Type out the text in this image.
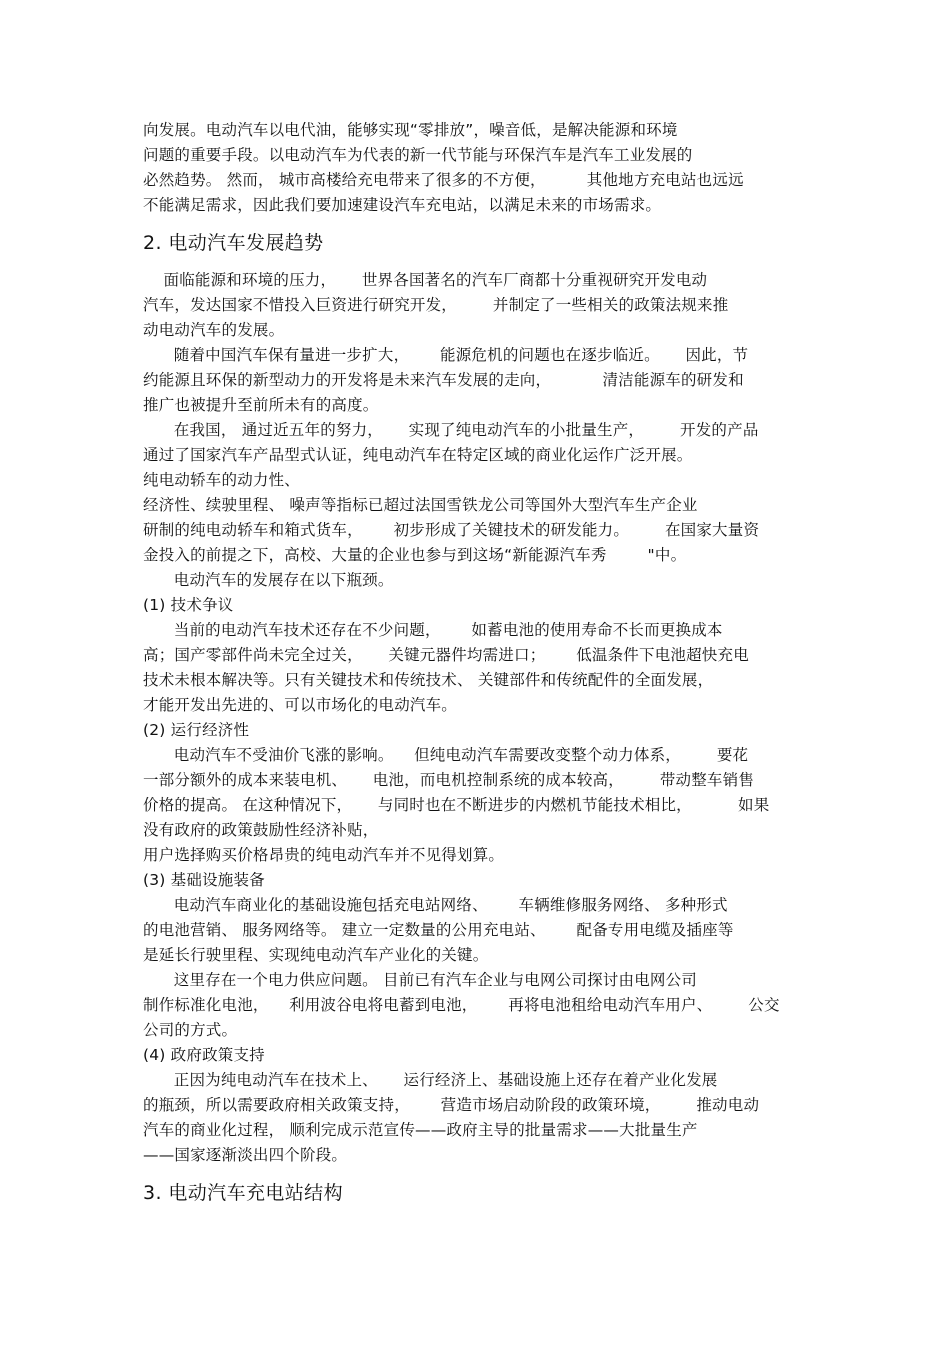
向发展。电动汽车以电代油，能够实现“零排放”，噪音低，是解决能源和环境
问题的重要手段。以电动汽车为代表的新一代节能与环保汽车是汽车工业发展的
必然趋势。 然而， 城市高楼给充电带来了很多的不方便，        其他地方充电站也远远
不能满足需求，因此我们要加速建设汽车充电站，以满足未来的市场需求。
2. 电动汽车发展趋势
面临能源和环境的压力，     世界各国著名的汽车厂商都十分重视研究开发电动
汽车，发达国家不惜投入巨资进行研究开发，       并制定了一些相关的政策法规来推
动电动汽车的发展。
随着中国汽车保有量进一步扩大，      能源危机的问题也在逐步临近。     因此，节
约能源且环保的新型动力的开发将是未来汽车发展的走向，          清洁能源车的研发和
推广也被提升至前所未有的高度。
在我国， 通过近五年的努力，     实现了纯电动汽车的小批量生产，       开发的产品
通过了国家汽车产品型式认证，纯电动汽车在特定区域的商业化运作广泛开展。
纯电动轿车的动力性、
经济性、续驶里程、 噪声等指标已超过法国雪铁龙公司等国外大型汽车生产企业
研制的纯电动轿车和箱式货车，      初步形成了关键技术的研发能力。       在国家大量资
金投入的前提之下，高校、大量的企业也参与到这场“新能源汽车秀        "中。
电动汽车的发展存在以下瓶颈。
(1) 技术争议
当前的电动汽车技术还存在不少问题，      如蓄电池的使用寿命不长而更换成本
高；国产零部件尚未完全过关，     关键元器件均需进口；      低温条件下电池超快充电
技术未根本解决等。只有关键技术和传统技术、 关键部件和传统配件的全面发展，
才能开发出先进的、可以市场化的电动汽车。
(2) 运行经济性
电动汽车不受油价飞涨的影响。    但纯电动汽车需要改变整个动力体系，       要花
一部分额外的成本来装电机、     电池，而电机控制系统的成本较高，       带动整车销售
价格的提高。 在这种情况下，     与同时也在不断进步的内燃机节能技术相比，         如果
没有政府的政策鼓励性经济补贴，
用户选择购买价格昂贵的纯电动汽车并不见得划算。
(3) 基础设施装备
电动汽车商业化的基础设施包括充电站网络、      车辆维修服务网络、 多种形式
的电池营销、 服务网络等。 建立一定数量的公用充电站、      配备专用电缆及插座等
是延长行驶里程、实现纯电动汽车产业化的关键。
这里存在一个电力供应问题。 目前已有汽车企业与电网公司探讨由电网公司
制作标准化电池，    利用波谷电将电蓄到电池，      再将电池租给电动汽车用户、       公交
公司的方式。
(4) 政府政策支持
正因为纯电动汽车在技术上、     运行经济上、基础设施上还存在着产业化发展
的瓶颈，所以需要政府相关政策支持，      营造市场启动阶段的政策环境，       推动电动
汽车的商业化过程， 顺利完成示范宣传——政府主导的批量需求——大批量生产
——国家逐渐淡出四个阶段。
3. 电动汽车充电站结构
